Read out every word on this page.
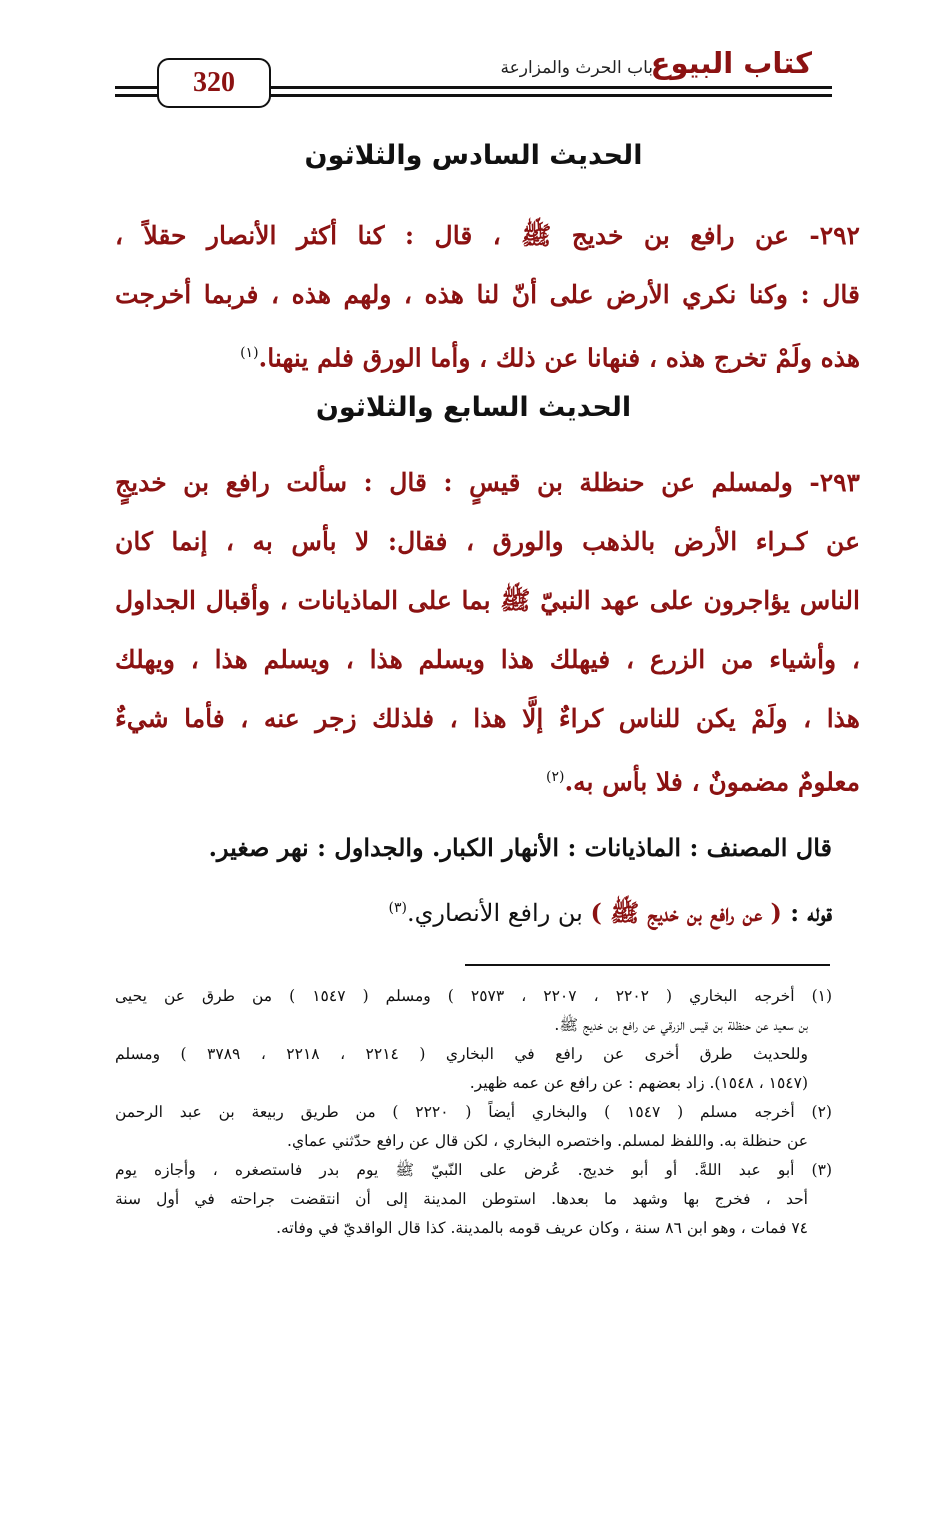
كتاب البيوع
باب الحرث والمزارعة
320
الحديث السادس والثلاثون
٢٩٢- عن رافع بن خديج ﷺ ، قال : كنا أكثر الأنصار حقلاً ،
قال : وكنا نكري الأرض على أنّ لنا هذه ، ولهم هذه ، فربما أخرجت
هذه ولَمْ تخرج هذه ، فنهانا عن ذلك ، وأما الورق فلم ينهنا.$^{(١)}$
الحديث السابع والثلاثون
٢٩٣- ولمسلم عن حنظلة بن قيسٍ : قال : سألت رافع بن خديجٍ
عن كـراء الأرض بالذهب والورق ، فقال: لا بأس به ، إنما كان
الناس يؤاجرون على عهد النبيّ ﷺ بما على الماذيانات ، وأقبال الجداول
، وأشياء من الزرع ، فيهلك هذا ويسلم هذا ، ويسلم هذا ، ويهلك
هذا ، ولَمْ يكن للناس كراءٌ إلَّا هذا ، فلذلك زجر عنه ، فأما شيءٌ
معلومٌ مضمونٌ ، فلا بأس به.$^{(٢)}$
قال المصنف : الماذيانات : الأنهار الكبار. والجداول : نهر صغير.
قوله : ( عن رافع بن خديج ﷺ ) بن رافع الأنصاري.$^{(٣)}$
(١) أخرجه البخاري ( ٢٢٠٢ ، ٢٢٠٧ ، ٢٥٧٣ ) ومسلم ( ١٥٤٧ ) من طرق عن يحيى
بن سعيد عن حنظلة بن قيس الزرقي عن رافع بن خديج ﷺ.
وللحديث طرق أخرى عن رافع في البخاري ( ٢٢١٤ ، ٢٢١٨ ، ٣٧٨٩ ) ومسلم
(١٥٤٧ ، ١٥٤٨). زاد بعضهم : عن رافع عن عمه ظهير.
(٢) أخرجه مسلم ( ١٥٤٧ ) والبخاري أيضاً ( ٢٢٢٠ ) من طريق ربيعة بن عبد الرحمن
عن حنظلة به. واللفظ لمسلم. واختصره البخاري ، لكن قال عن رافع حدّثني عماي.
(٣) أبو عبد اللهَّ. أو أبو خديج. عُرض على النّبيّ ﷺ يوم بدر فاستصغره ، وأجازه يوم
أحد ، فخرج بها وشهد ما بعدها. استوطن المدينة إلى أن انتقضت جراحته في أول سنة
٧٤ فمات ، وهو ابن ٨٦ سنة ، وكان عريف قومه بالمدينة. كذا قال الواقديّ في وفاته.
